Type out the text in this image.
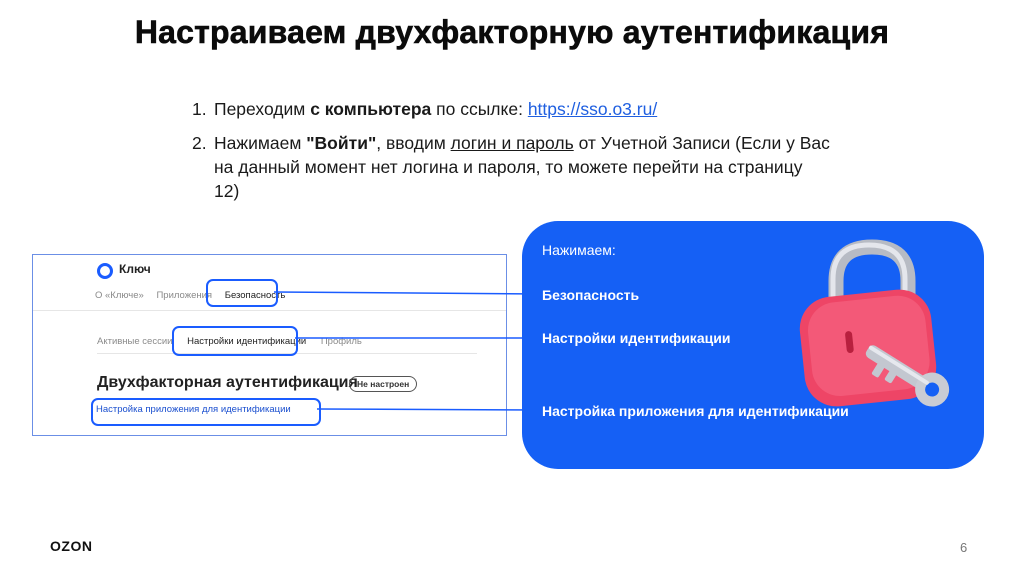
Настраиваем двухфакторную аутентификация
1. Переходим с компьютера по ссылке: https://sso.o3.ru/
2. Нажимаем "Войти", вводим логин и пароль от Учетной Записи (Если у Вас на данный момент нет логина и пароля, то можете перейти на страницу 12)
Ключ
О «Ключе» Приложения Безопасность
Активные сессии Настройки идентификации Профиль
Двухфакторная аутентификация Не настроен
Настройка приложения для идентификации
Нажимаем:
Безопасность
Настройки идентификации
Настройка приложения для идентификации
OZON	6
